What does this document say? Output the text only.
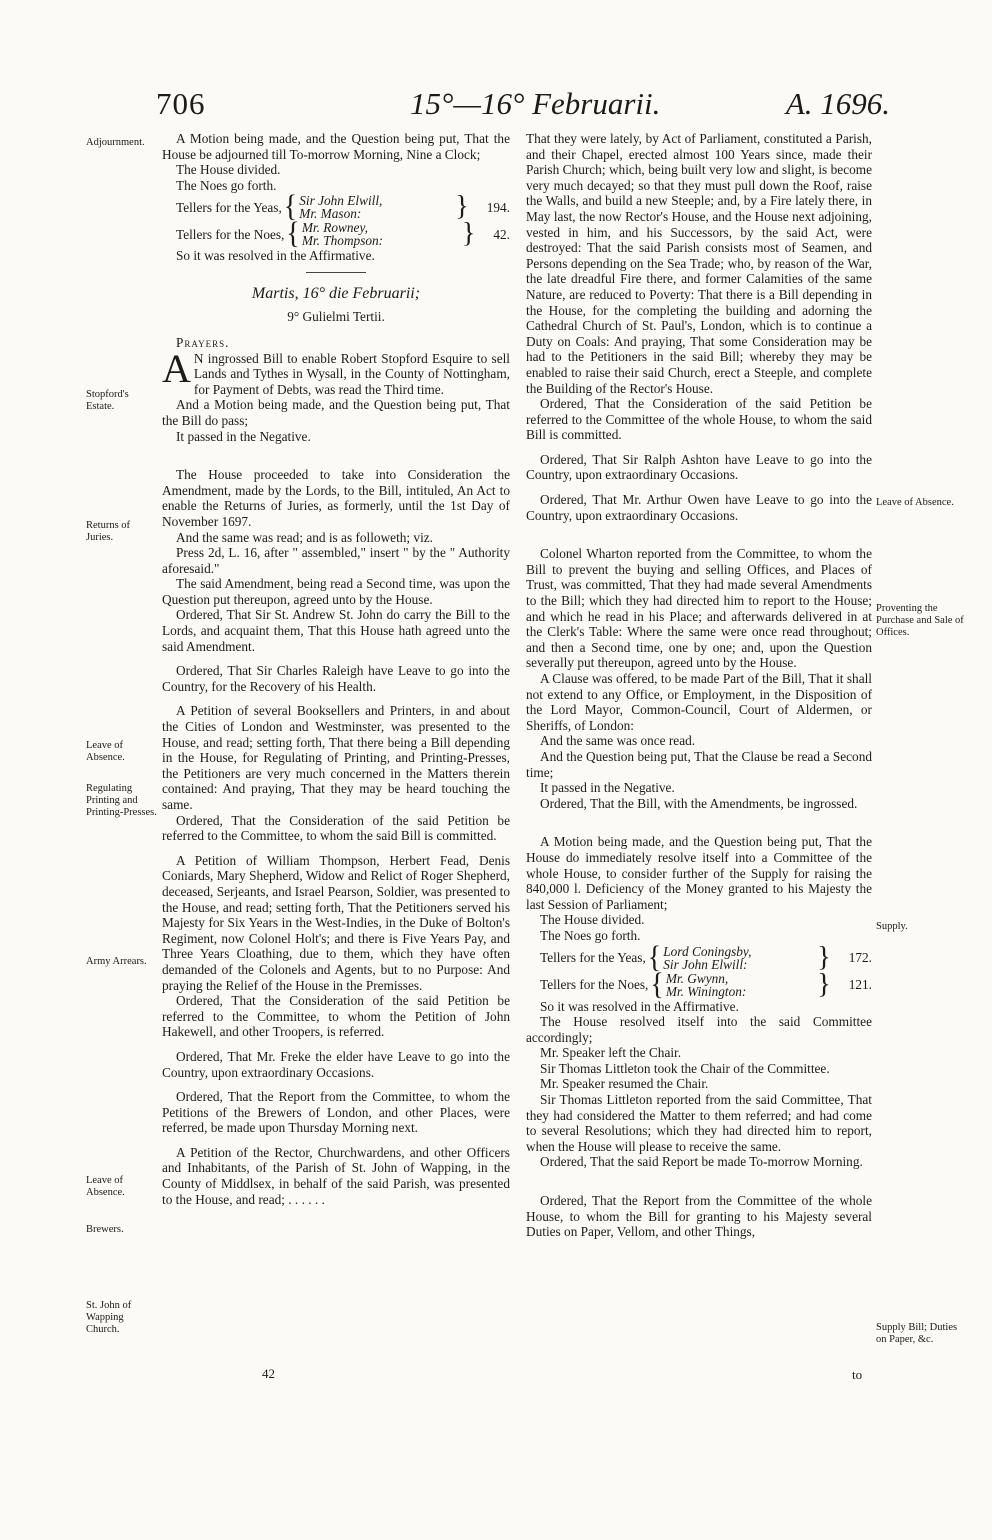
706	15°—16° Februarii.	A. 1696.
Adjournment.
Stopford's Estate.
Returns of Juries.
Leave of Absence.
Regulating Printing and Printing-Presses.
Army Arrears.
Leave of Absence.
Brewers.
St. John of Wapping Church.
Leave of Absence.
Proventing the Purchase and Sale of Offices.
Supply.
Supply Bill; Duties on Paper, &c.

A Motion being made, and the Question being put, That the House be adjourned till To-morrow Morning, Nine a Clock;

The House divided.

The Noes go forth.

Tellers for the Yeas, { Sir John Elwill,
Mr. Mason:	} 194.
Tellers for the Noes, { Mr. Rowney,
Mr. Thompson:	} 42.

So it was resolved in the Affirmative.

Martis, 16° die Februarii;

9° Gulielmi Tertii.

Prayers.

A N ingrossed Bill to enable Robert Stopford Esquire to sell Lands and Tythes in Wysall, in the County of Nottingham, for Payment of Debts, was read the Third time.

And a Motion being made, and the Question being put, That the Bill do pass;

It passed in the Negative.

The House proceeded to take into Consideration the Amendment, made by the Lords, to the Bill, intituled, An Act to enable the Returns of Juries, as formerly, until the 1st Day of November 1697.

And the same was read; and is as followeth; viz.

Press 2d, L. 16, after " assembled," insert " by the " Authority aforesaid."

The said Amendment, being read a Second time, was upon the Question put thereupon, agreed unto by the House.

Ordered, That Sir St. Andrew St. John do carry the Bill to the Lords, and acquaint them, That this House hath agreed unto the said Amendment.

Ordered, That Sir Charles Raleigh have Leave to go into the Country, for the Recovery of his Health.

A Petition of several Booksellers and Printers, in and about the Cities of London and Westminster, was presented to the House, and read; setting forth, That there being a Bill depending in the House, for Regulating of Printing, and Printing-Presses, the Petitioners are very much concerned in the Matters therein contained: And praying, That they may be heard touching the same.

Ordered, That the Consideration of the said Petition be referred to the Committee, to whom the said Bill is committed.

A Petition of William Thompson, Herbert Fead, Denis Coniards, Mary Shepherd, Widow and Relict of Roger Shepherd, deceased, Serjeants, and Israel Pearson, Soldier, was presented to the House, and read; setting forth, That the Petitioners served his Majesty for Six Years in the West-Indies, in the Duke of Bolton's Regiment, now Colonel Holt's; and there is Five Years Pay, and Three Years Cloathing, due to them, which they have often demanded of the Colonels and Agents, but to no Purpose: And praying the Relief of the House in the Premisses.

Ordered, That the Consideration of the said Petition be referred to the Committee, to whom the Petition of John Hakewell, and other Troopers, is referred.

Ordered, That Mr. Freke the elder have Leave to go into the Country, upon extraordinary Occasions.

Ordered, That the Report from the Committee, to whom the Petitions of the Brewers of London, and other Places, were referred, be made upon Thursday Morning next.

A Petition of the Rector, Churchwardens, and other Officers and Inhabitants, of the Parish of St. John of Wapping, in the County of Middlsex, in behalf of the said Parish, was presented to the House, and read; . . . . . .

That they were lately, by Act of Parliament, constituted a Parish, and their Chapel, erected almost 100 Years since, made their Parish Church; which, being built very low and slight, is become very much decayed; so that they must pull down the Roof, raise the Walls, and build a new Steeple; and, by a Fire lately there, in May last, the now Rector's House, and the House next adjoining, vested in him, and his Successors, by the said Act, were destroyed: That the said Parish consists most of Seamen, and Persons depending on the Sea Trade; who, by reason of the War, the late dreadful Fire there, and former Calamities of the same Nature, are reduced to Poverty: That there is a Bill depending in the House, for the completing the building and adorning the Cathedral Church of St. Paul's, London, which is to continue a Duty on Coals: And praying, That some Consideration may be had to the Petitioners in the said Bill; whereby they may be enabled to raise their said Church, erect a Steeple, and complete the Building of the Rector's House.

Ordered, That the Consideration of the said Petition be referred to the Committee of the whole House, to whom the said Bill is committed.

Ordered, That Sir Ralph Ashton have Leave to go into the Country, upon extraordinary Occasions.

Ordered, That Mr. Arthur Owen have Leave to go into the Country, upon extraordinary Occasions.

Colonel Wharton reported from the Committee, to whom the Bill to prevent the buying and selling Offices, and Places of Trust, was committed, That they had made several Amendments to the Bill; which they had directed him to report to the House; and which he read in his Place; and afterwards delivered in at the Clerk's Table: Where the same were once read throughout; and then a Second time, one by one; and, upon the Question severally put thereupon, agreed unto by the House.

A Clause was offered, to be made Part of the Bill, That it shall not extend to any Office, or Employment, in the Disposition of the Lord Mayor, Common-Council, Court of Aldermen, or Sheriffs, of London:

And the same was once read.

And the Question being put, That the Clause be read a Second time;

It passed in the Negative.

Ordered, That the Bill, with the Amendments, be ingrossed.

A Motion being made, and the Question being put, That the House do immediately resolve itself into a Committee of the whole House, to consider further of the Supply for raising the 840,000 l. Deficiency of the Money granted to his Majesty the last Session of Parliament;

The House divided.

The Noes go forth.

Tellers for the Yeas, { Lord Coningsby,
Sir John Elwill:	} 172.
Tellers for the Noes, { Mr. Gwynn,
Mr. Winington:	} 121.

So it was resolved in the Affirmative.

The House resolved itself into the said Committee accordingly;

Mr. Speaker left the Chair.

Sir Thomas Littleton took the Chair of the Committee.

Mr. Speaker resumed the Chair.

Sir Thomas Littleton reported from the said Committee, That they had considered the Matter to them referred; and had come to several Resolutions; which they had directed him to report, when the House will please to receive the same.

Ordered, That the said Report be made To-morrow Morning.

Ordered, That the Report from the Committee of the whole House, to whom the Bill for granting to his Majesty several Duties on Paper, Vellom, and other Things,

42	to
